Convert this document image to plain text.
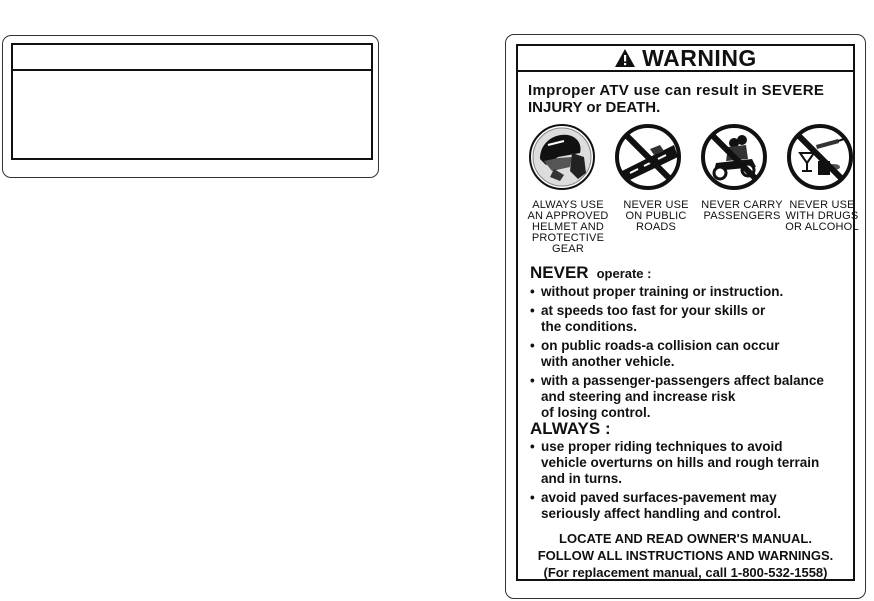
WARNING
Improper ATV use can result in SEVERE
INJURY or DEATH.
ALWAYS USE
AN APPROVED
HELMET AND
PROTECTIVE
GEAR
NEVER USE
ON PUBLIC
ROADS
NEVER CARRY
PASSENGERS
NEVER USE
WITH DRUGS
OR ALCOHOL
NEVER operate :
• without proper training or instruction.
• at speeds too fast for your skills or
the conditions.
• on public roads-a collision can occur
with another vehicle.
• with a passenger-passengers affect balance
and steering and increase risk
of losing control.
ALWAYS :
• use proper riding techniques to avoid
vehicle overturns on hills and rough terrain
and in turns.
• avoid paved surfaces-pavement may
seriously affect handling and control.
LOCATE AND READ OWNER'S MANUAL.
FOLLOW ALL INSTRUCTIONS AND WARNINGS.
(For replacement manual, call 1-800-532-1558)
